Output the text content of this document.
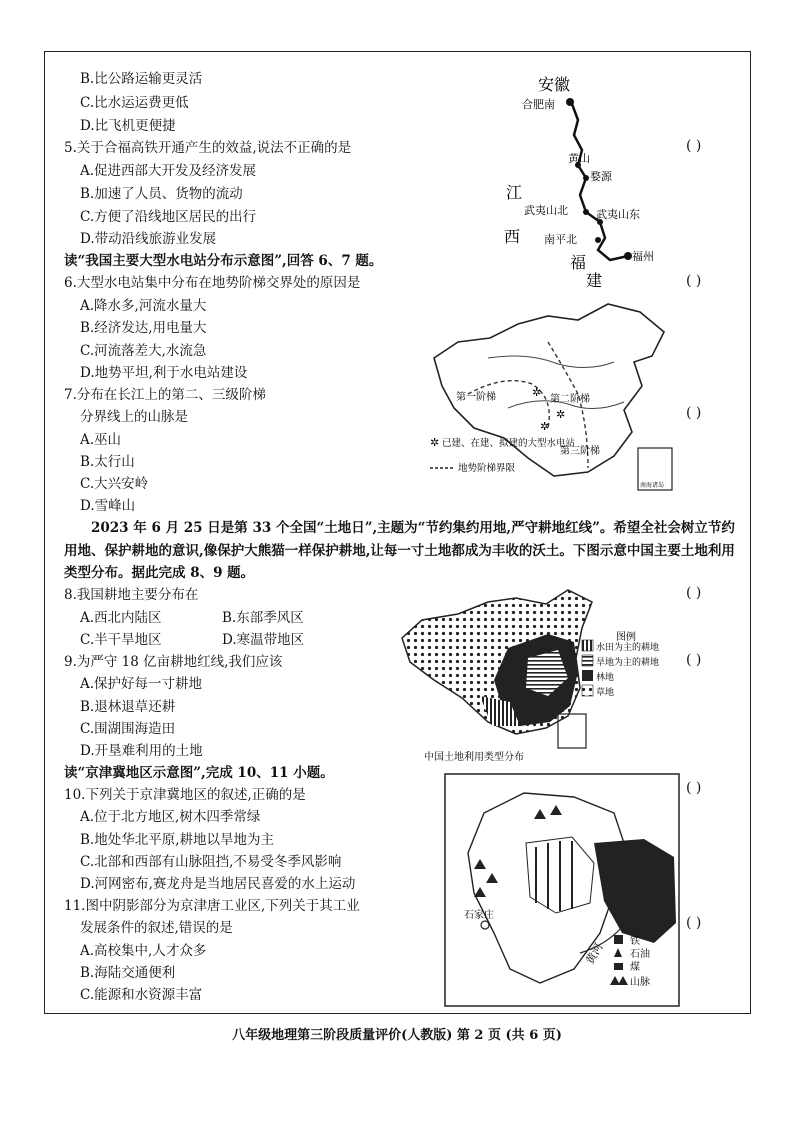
B.比公路运输更灵活
C.比水运运费更低
D.比飞机更便捷
5.关于合福高铁开通产生的效益,说法不正确的是	( )
A.促进西部大开发及经济发展
B.加速了人员、货物的流动
C.方便了沿线地区居民的出行
D.带动沿线旅游业发展
读“我国主要大型水电站分布示意图”,回答 6、7 题。
6.大型水电站集中分布在地势阶梯交界处的原因是	( )
A.降水多,河流水量大
B.经济发达,用电量大
C.河流落差大,水流急
D.地势平坦,利于水电站建设
7.分布在长江上的第二、三级阶梯
( )
分界线上的山脉是
A.巫山
B.太行山
C.大兴安岭
D.雪峰山
2023 年 6 月 25 日是第 33 个全国“土地日”,主题为“节约集约用地,严守耕地红线”。希望全社会树立节约用地、保护耕地的意识,像保护大熊猫一样保护耕地,让每一寸土地都成为丰收的沃土。下图示意中国主要土地利用类型分布。据此完成 8、9 题。
8.我国耕地主要分布在	( )
A.西北内陆区	B.东部季风区
C.半干旱地区	D.寒温带地区
9.为严守 18 亿亩耕地红线,我们应该	( )
A.保护好每一寸耕地
B.退林退草还耕
C.围湖围海造田
D.开垦难利用的土地
读“京津冀地区示意图”,完成 10、11 小题。
10.下列关于京津冀地区的叙述,正确的是	( )
A.位于北方地区,树木四季常绿
B.地处华北平原,耕地以旱地为主
C.北部和西部有山脉阻挡,不易受冬季风影响
D.河网密布,赛龙舟是当地居民喜爱的水上运动
11.图中阴影部分为京津唐工业区,下列关于其工业
( )
发展条件的叙述,错误的是
A.高校集中,人才众多
B.海陆交通便利
C.能源和水资源丰富
安徽
合肥南
黄山
婺源
江
武夷山北	武夷山东
西 南平北
福州
福
建
第一阶梯	第二阶梯
第三阶梯
✲
✲
✲
✲ 已建、在建、拟建的大型水电站
地势阶梯界限
南海诸岛
图例
水田为主的耕地
旱地为主的耕地
林地
草地
中国土地利用类型分布
石家庄
黄河 铁
石油
煤
山脉
八年级地理第三阶段质量评价(人教版) 第 2 页 (共 6 页)
